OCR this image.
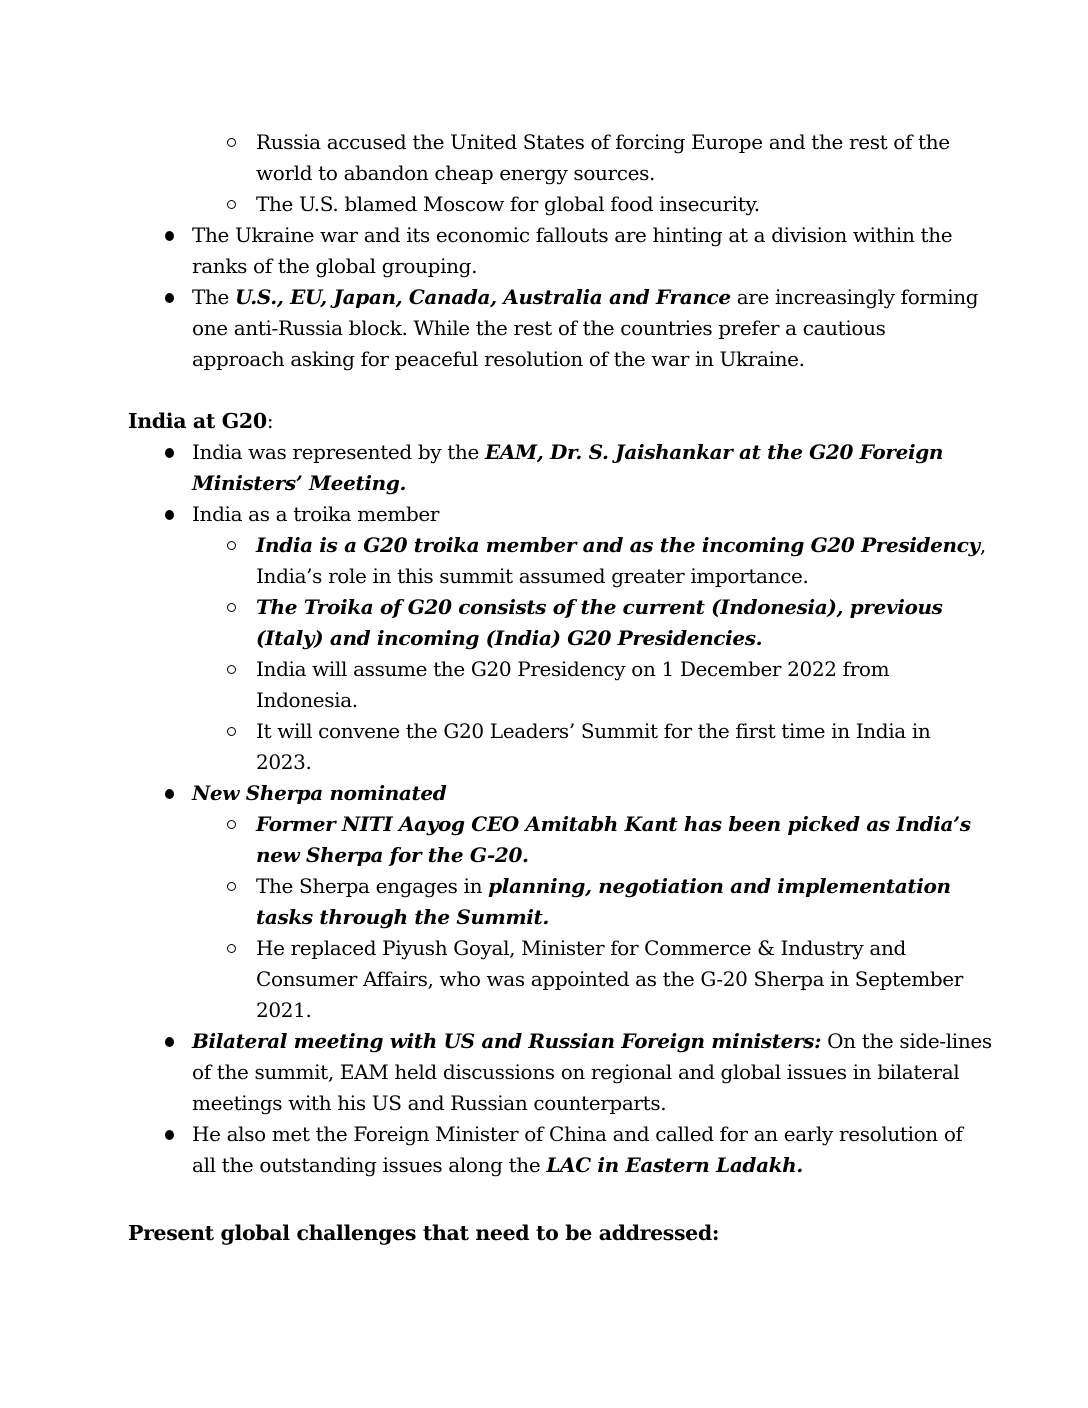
Russia accused the United States of forcing Europe and the rest of the
world to abandon cheap energy sources.
The U.S. blamed Moscow for global food insecurity.
The Ukraine war and its economic fallouts are hinting at a division within the
ranks of the global grouping.
The U.S., EU, Japan, Canada, Australia and France are increasingly forming
one anti-Russia block. While the rest of the countries prefer a cautious
approach asking for peaceful resolution of the war in Ukraine.
India at G20:
India was represented by the EAM, Dr. S. Jaishankar at the G20 Foreign
Ministers’ Meeting.
India as a troika member
India is a G20 troika member and as the incoming G20 Presidency,
India’s role in this summit assumed greater importance.
The Troika of G20 consists of the current (Indonesia), previous
(Italy) and incoming (India) G20 Presidencies.
India will assume the G20 Presidency on 1 December 2022 from
Indonesia.
It will convene the G20 Leaders’ Summit for the first time in India in
2023.
New Sherpa nominated
Former NITI Aayog CEO Amitabh Kant has been picked as India’s
new Sherpa for the G-20.
The Sherpa engages in planning, negotiation and implementation
tasks through the Summit.
He replaced Piyush Goyal, Minister for Commerce & Industry and
Consumer Affairs, who was appointed as the G-20 Sherpa in September
2021.
Bilateral meeting with US and Russian Foreign ministers: On the side-lines
of the summit, EAM held discussions on regional and global issues in bilateral
meetings with his US and Russian counterparts.
He also met the Foreign Minister of China and called for an early resolution of
all the outstanding issues along the LAC in Eastern Ladakh.
Present global challenges that need to be addressed:
